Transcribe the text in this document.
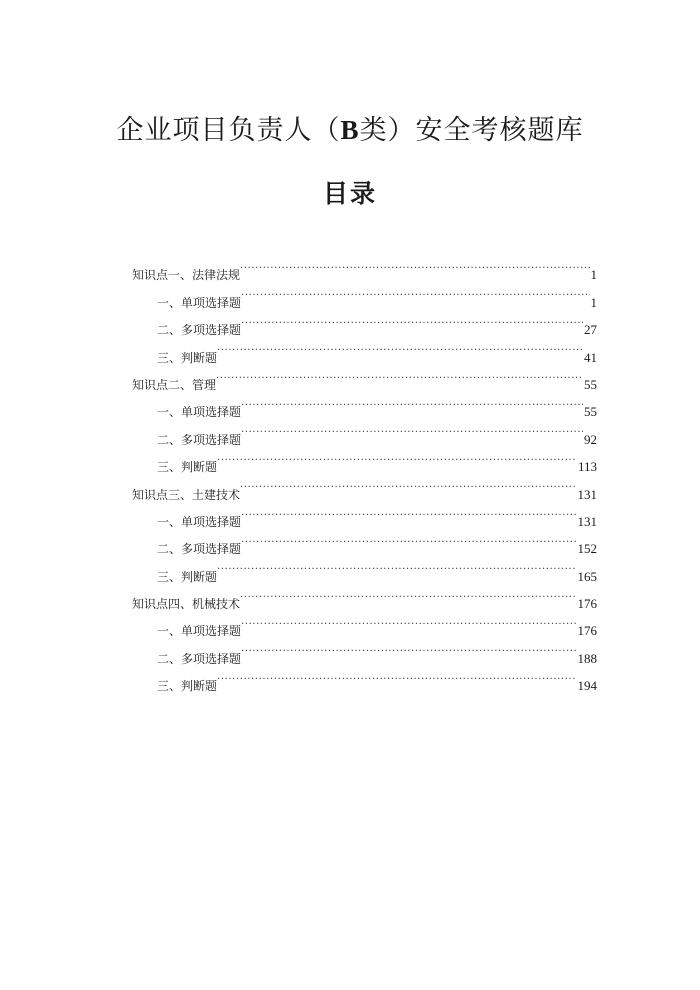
企业项目负责人（B类）安全考核题库
目录
知识点一、法律法规 .....	1
一、单项选择题 .....	1
二、多项选择题 .....	27
三、判断题 .....	41
知识点二、管理 .....	55
一、单项选择题 .....	55
二、多项选择题 .....	92
三、判断题 .....	113
知识点三、土建技术 .....	131
一、单项选择题 .....	131
二、多项选择题 .....	152
三、判断题 .....	165
知识点四、机械技术 .....	176
一、单项选择题 .....	176
二、多项选择题 .....	188
三、判断题 .....	194
